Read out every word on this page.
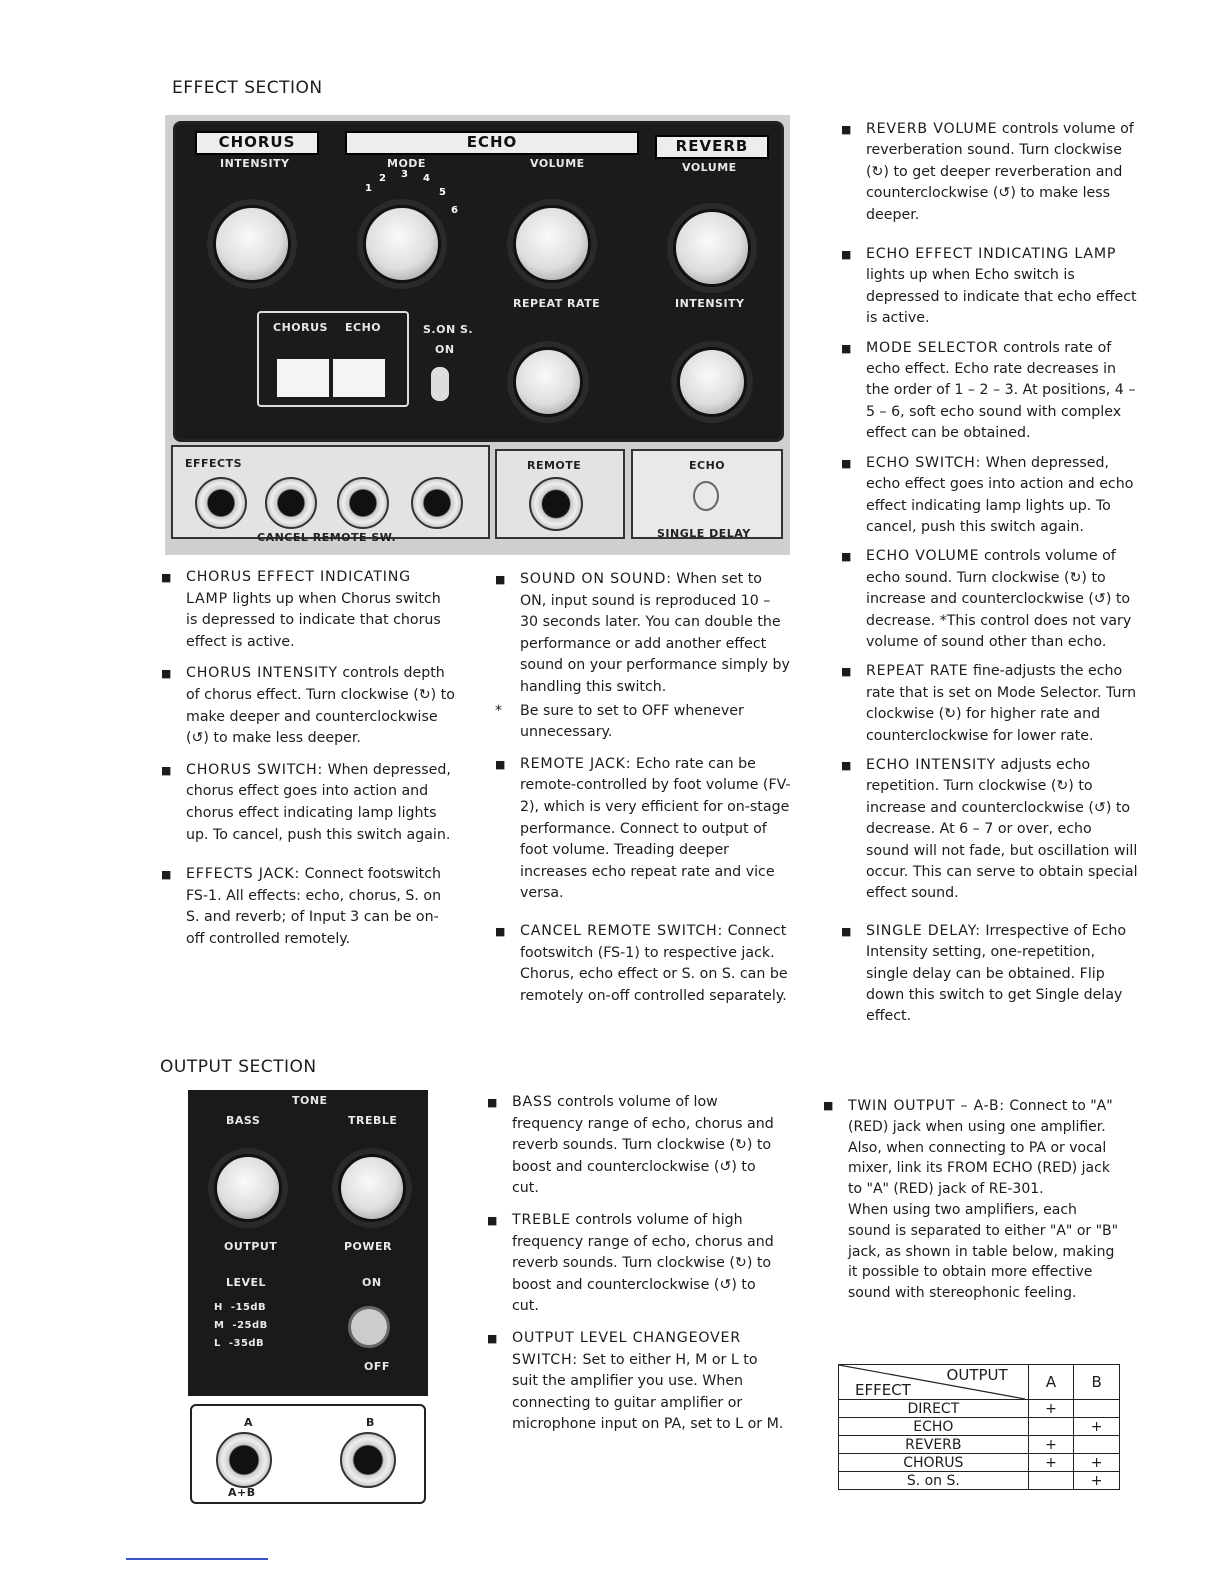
EFFECT SECTION
CHORUS	ECHO	REVERB
INTENSITY	MODE	VOLUME	VOLUME
1
2 3 4
5
6
REPEAT RATE	INTENSITY
CHORUS ECHO	S.ON S.
ON
EFFECTS
CANCEL REMOTE SW.
REMOTE	ECHO
SINGLE DELAY
■ CHORUS EFFECT INDICATING LAMP lights up when Chorus switch is depressed to indicate that chorus effect is active.
■ CHORUS INTENSITY controls depth of chorus effect. Turn clockwise (↻) to make deeper and counterclockwise (↺) to make less deeper.
■ CHORUS SWITCH: When depressed, chorus effect goes into action and chorus effect indicating lamp lights up. To cancel, push this switch again.
■ EFFECTS JACK: Connect footswitch FS-1. All effects: echo, chorus, S. on S. and reverb; of Input 3 can be on-off controlled remotely.
■ SOUND ON SOUND: When set to ON, input sound is reproduced 10 – 30 seconds later. You can double the performance or add another effect sound on your performance simply by handling this switch.
* Be sure to set to OFF whenever unnecessary.
■ REMOTE JACK: Echo rate can be remote-controlled by foot volume (FV-2), which is very efficient for on-stage performance. Connect to output of foot volume. Treading deeper increases echo repeat rate and vice versa.
■ CANCEL REMOTE SWITCH: Connect footswitch (FS-1) to respective jack. Chorus, echo effect or S. on S. can be remotely on-off controlled separately.
■ REVERB VOLUME controls volume of reverberation sound. Turn clockwise (↻) to get deeper reverberation and counterclockwise (↺) to make less deeper.
■ ECHO EFFECT INDICATING LAMP lights up when Echo switch is depressed to indicate that echo effect is active.
■ MODE SELECTOR controls rate of echo effect. Echo rate decreases in the order of 1 – 2 – 3. At positions, 4 – 5 – 6, soft echo sound with complex effect can be obtained.
■ ECHO SWITCH: When depressed, echo effect goes into action and echo effect indicating lamp lights up. To cancel, push this switch again.
■ ECHO VOLUME controls volume of echo sound. Turn clockwise (↻) to increase and counterclockwise (↺) to decrease. *This control does not vary volume of sound other than echo.
■ REPEAT RATE fine-adjusts the echo rate that is set on Mode Selector. Turn clockwise (↻) for higher rate and counterclockwise for lower rate.
■ ECHO INTENSITY adjusts echo repetition. Turn clockwise (↻) to increase and counterclockwise (↺) to decrease. At 6 – 7 or over, echo sound will not fade, but oscillation will occur. This can serve to obtain special effect sound.
■ SINGLE DELAY: Irrespective of Echo Intensity setting, one-repetition, single delay can be obtained. Flip down this switch to get Single delay effect.
OUTPUT SECTION
TONE
BASS	TREBLE
OUTPUT	POWER
LEVEL	ON
H  -15dB
M  -25dB
L  -35dB
OFF
A	B
A+B
■ BASS controls volume of low frequency range of echo, chorus and reverb sounds. Turn clockwise (↻) to boost and counterclockwise (↺) to cut.
■ TREBLE controls volume of high frequency range of echo, chorus and reverb sounds. Turn clockwise (↻) to boost and counterclockwise (↺) to cut.
■ OUTPUT LEVEL CHANGEOVER SWITCH: Set to either H, M or L to suit the amplifier you use. When connecting to guitar amplifier or microphone input on PA, set to L or M.
■ TWIN OUTPUT – A-B: Connect to "A" (RED) jack when using one amplifier. Also, when connecting to PA or vocal mixer, link its FROM ECHO (RED) jack to "A" (RED) jack of RE-301.
When using two amplifiers, each sound is separated to either "A" or "B" jack, as shown in table below, making it possible to obtain more effective sound with stereophonic feeling.
OUTPUT
EFFECT	A	B
DIRECT	+	
ECHO		+
REVERB	+	
CHORUS	+	+
S. on S.		+
